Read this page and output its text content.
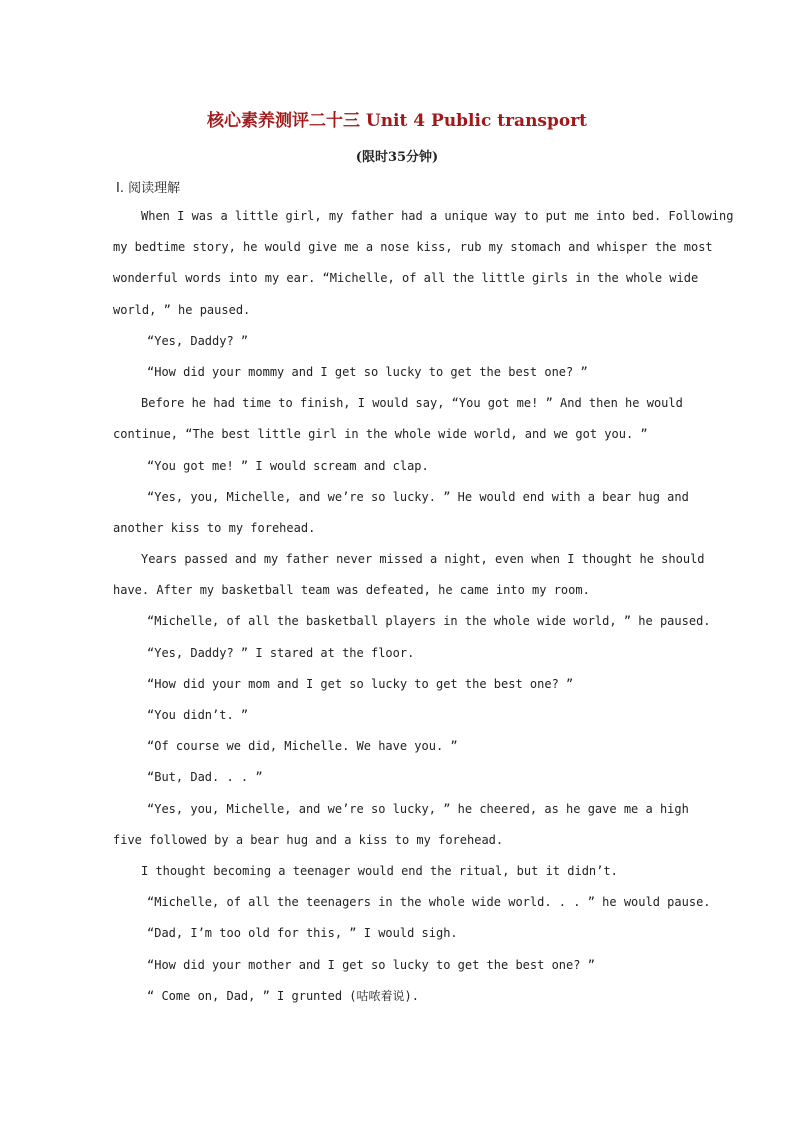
核心素养测评二十三 Unit 4 Public transport
(限时35分钟)
Ⅰ. 阅读理解
When I was a little girl, my father had a unique way to put me into bed. Following
my bedtime story, he would give me a nose kiss, rub my stomach and whisper the most
wonderful words into my ear. “Michelle, of all the little girls in the whole wide
world, ” he paused.
“Yes, Daddy? ”
“How did your mommy and I get so lucky to get the best one? ”
Before he had time to finish, I would say, “You got me! ” And then he would
continue, “The best little girl in the whole wide world, and we got you. ”
“You got me! ” I would scream and clap.
“Yes, you, Michelle, and we’re so lucky. ” He would end with a bear hug and
another kiss to my forehead.
Years passed and my father never missed a night, even when I thought he should
have. After my basketball team was defeated, he came into my room.
“Michelle, of all the basketball players in the whole wide world, ” he paused.
“Yes, Daddy? ” I stared at the floor.
“How did your mom and I get so lucky to get the best one? ”
“You didn’t. ”
“Of course we did, Michelle. We have you. ”
“But, Dad. . . ”
“Yes, you, Michelle, and we’re so lucky, ” he cheered, as he gave me a high
five followed by a bear hug and a kiss to my forehead.
I thought becoming a teenager would end the ritual, but it didn’t.
“Michelle, of all the teenagers in the whole wide world. . . ” he would pause.
“Dad, I’m too old for this, ” I would sigh.
“How did your mother and I get so lucky to get the best one? ”
“ Come on, Dad, ” I grunted (咕哝着说).
